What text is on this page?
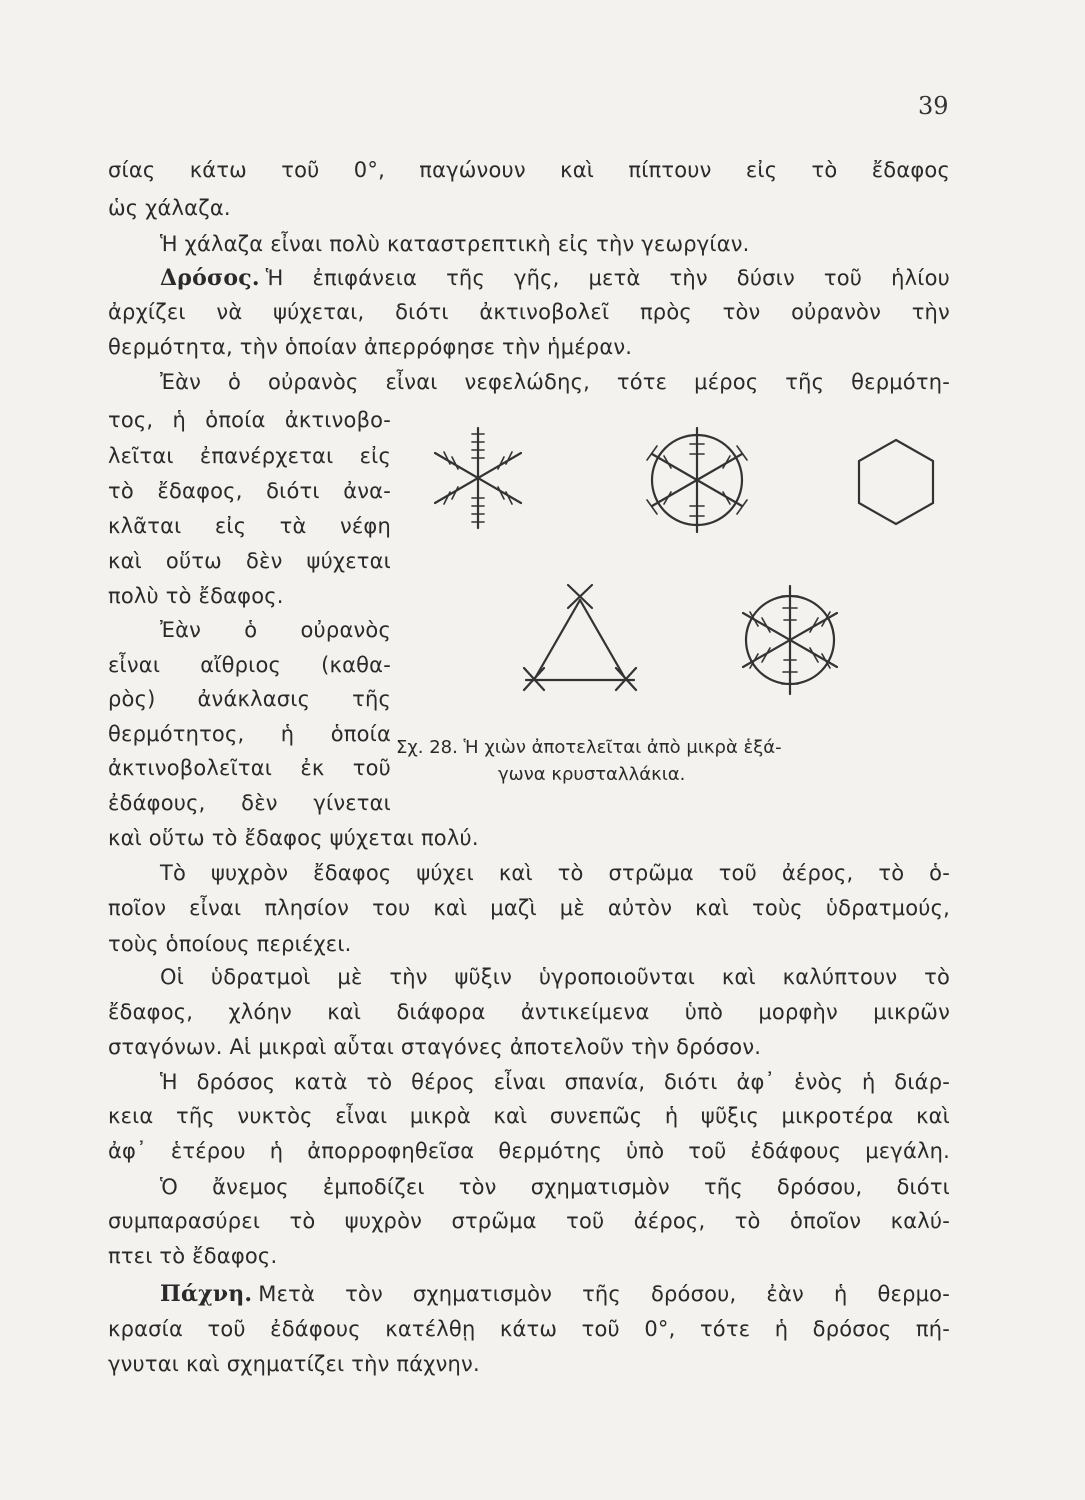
39
σίας κάτω τοῦ 0°, παγώνουν καὶ πίπτουν εἰς τὸ ἔδαφος
ὡς χάλαζα.
Ἡ χάλαζα εἶναι πολὺ καταστρεπτικὴ εἰς τὴν γεωργίαν.
Δρόσος. Ἡ ἐπιφάνεια τῆς γῆς, μετὰ τὴν δύσιν τοῦ ἡλίου
ἀρχίζει νὰ ψύχεται, διότι ἀκτινοβολεῖ πρὸς τὸν οὐρανὸν τὴν
θερμότητα, τὴν ὁποίαν ἀπερρόφησε τὴν ἡμέραν.
Ἐὰν ὁ οὐρανὸς εἶναι νεφελώδης, τότε μέρος τῆς θερμότη-
τος, ἡ ὁποία ἀκτινοβο-
λεῖται ἐπανέρχεται εἰς
τὸ ἔδαφος, διότι ἀνα-
κλᾶται εἰς τὰ νέφη
καὶ οὕτω δὲν ψύχεται
πολὺ τὸ ἔδαφος.
Ἐὰν ὁ οὐρανὸς
εἶναι αἴθριος (καθα-
ρὸς) ἀνάκλασις τῆς
θερμότητος, ἡ ὁποία
ἀκτινοβολεῖται ἐκ τοῦ
ἐδάφους, δὲν γίνεται
Σχ. 28. Ἡ χιὼν ἀποτελεῖται ἀπὸ μικρὰ ἑξά-
γωνα κρυσταλλάκια.
καὶ οὕτω τὸ ἔδαφος ψύχεται πολύ.
Τὸ ψυχρὸν ἔδαφος ψύχει καὶ τὸ στρῶμα τοῦ ἀέρος, τὸ ὁ-
ποῖον εἶναι πλησίον του καὶ μαζὶ μὲ αὐτὸν καὶ τοὺς ὑδρατμούς,
τοὺς ὁποίους περιέχει.
Οἱ ὑδρατμοὶ μὲ τὴν ψῦξιν ὑγροποιοῦνται καὶ καλύπτουν τὸ
ἔδαφος, χλόην καὶ διάφορα ἀντικείμενα ὑπὸ μορφὴν μικρῶν
σταγόνων. Αἱ μικραὶ αὗται σταγόνες ἀποτελοῦν τὴν δρόσον.
Ἡ δρόσος κατὰ τὸ θέρος εἶναι σπανία, διότι ἀφ᾽ ἑνὸς ἡ διάρ-
κεια τῆς νυκτὸς εἶναι μικρὰ καὶ συνεπῶς ἡ ψῦξις μικροτέρα καὶ
ἀφ᾽ ἑτέρου ἡ ἀπορροφηθεῖσα θερμότης ὑπὸ τοῦ ἐδάφους μεγάλη.
Ὁ ἄνεμος ἐμποδίζει τὸν σχηματισμὸν τῆς δρόσου, διότι
συμπαρασύρει τὸ ψυχρὸν στρῶμα τοῦ ἀέρος, τὸ ὁποῖον καλύ-
πτει τὸ ἔδαφος.
Πάχνη. Μετὰ τὸν σχηματισμὸν τῆς δρόσου, ἐὰν ἡ θερμο-
κρασία τοῦ ἐδάφους κατέλθῃ κάτω τοῦ 0°, τότε ἡ δρόσος πή-
γνυται καὶ σχηματίζει τὴν πάχνην.
